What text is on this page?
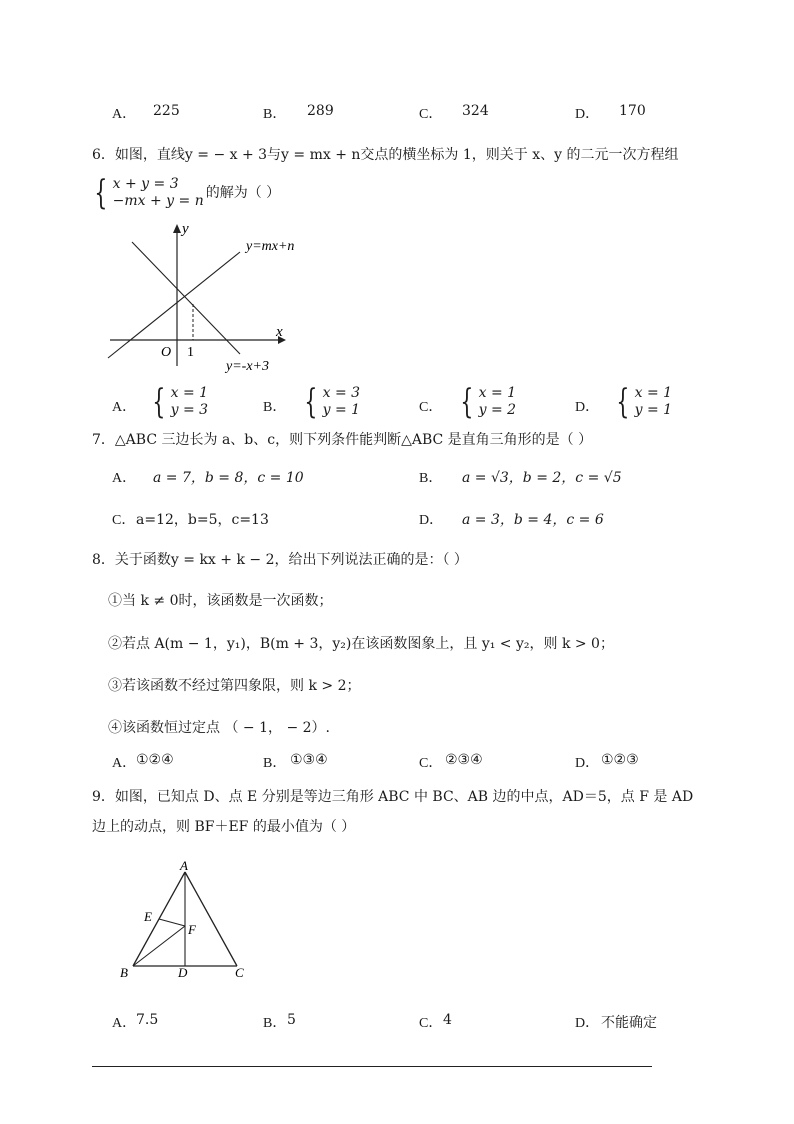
A． 225	B． 289	C． 324	D． 170
6．如图，直线y = − x + 3与y = mx + n交点的横坐标为 1，则关于 x、y 的二元一次方程组
{ x + y = 3
−mx + y = n 的解为（ ）
y=mx+n
y=-x+3
x
y
O 1
A． { x = 1
y = 3	B． { x = 3
y = 1	C． { x = 1
y = 2	D． { x = 1
y = 1
7．△ABC 三边长为 a、b、c，则下列条件能判断△ABC 是直角三角形的是（ ）
A． a = 7，b = 8，c = 10	B． a = √3，b = 2，c = √5
C． a=12，b=5，c=13	D． a = 3，b = 4，c = 6
8．关于函数y = kx + k − 2，给出下列说法正确的是：（ ）
①当 k ≠ 0时，该函数是一次函数；
②若点 A(m − 1，y₁)，B(m + 3，y₂)在该函数图象上，且 y₁ < y₂，则 k > 0；
③若该函数不经过第四象限，则 k > 2；
④该函数恒过定点 （ − 1， − 2）.
A． ①②④	B． ①③④	C． ②③④	D． ①②③
9．如图，已知点 D、点 E 分别是等边三角形 ABC 中 BC、AB 边的中点，AD＝5，点 F 是 AD
边上的动点，则 BF＋EF 的最小值为（ ）
A
B	C
D
E
F
A． 7.5	B． 5	C． 4	D． 不能确定
